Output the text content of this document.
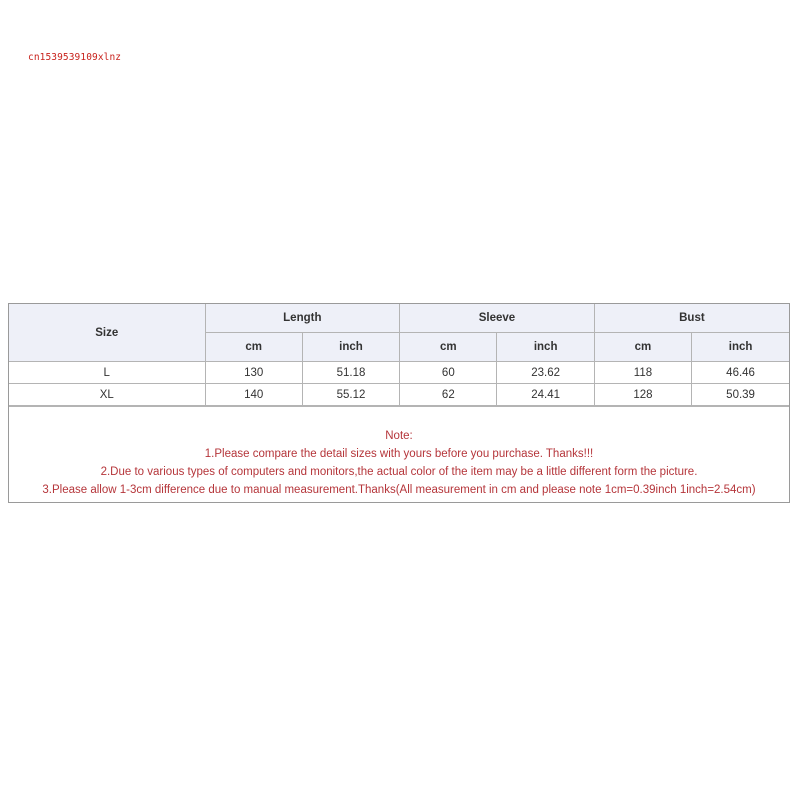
cn1539539109xlnz
Size	Length		Sleeve		Bust	
	cm	inch	cm	inch	cm	inch
L	130	51.18	60	23.62	118	46.46
XL	140	55.12	62	24.41	128	50.39
Note:
1.Please compare the detail sizes with yours before you purchase. Thanks!!!
2.Due to various types of computers and monitors,the actual color of the item may be a little different form the picture.
3.Please allow 1-3cm difference due to manual measurement.Thanks(All measurement in cm and please note 1cm=0.39inch 1inch=2.54cm)
